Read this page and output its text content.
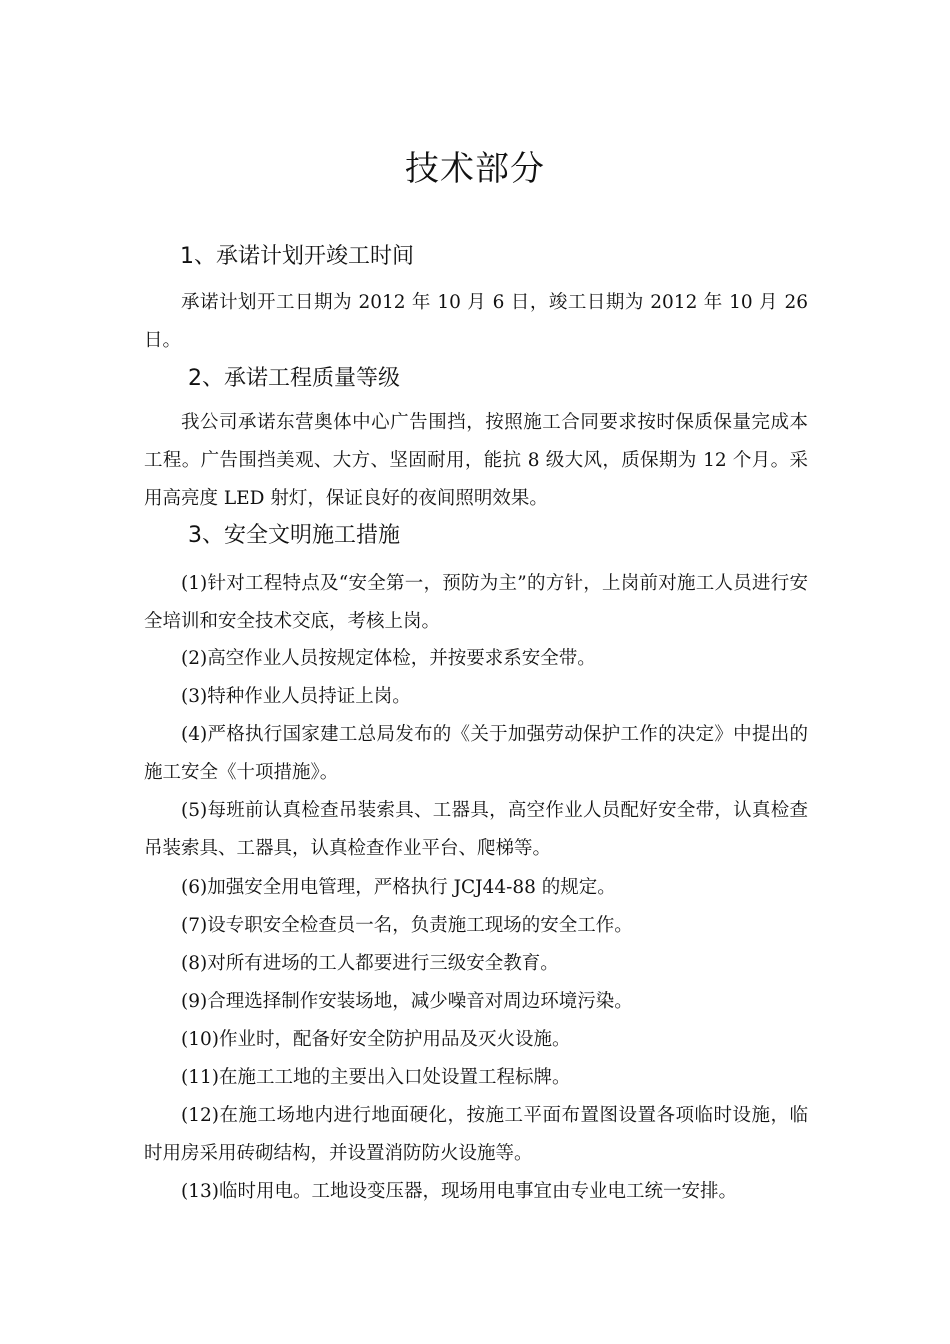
技术部分
1、承诺计划开竣工时间
承诺计划开工日期为 2012 年 10 月 6 日，竣工日期为 2012 年 10 月 26 日。
2、承诺工程质量等级
我公司承诺东营奥体中心广告围挡，按照施工合同要求按时保质保量完成本工程。广告围挡美观、大方、坚固耐用，能抗 8 级大风，质保期为 12 个月。采用高亮度 LED 射灯，保证良好的夜间照明效果。
3、安全文明施工措施
(1)针对工程特点及“安全第一，预防为主”的方针，上岗前对施工人员进行安全培训和安全技术交底，考核上岗。
(2)高空作业人员按规定体检，并按要求系安全带。
(3)特种作业人员持证上岗。
(4)严格执行国家建工总局发布的《关于加强劳动保护工作的决定》中提出的施工安全《十项措施》。
(5)每班前认真检查吊装索具、工器具，高空作业人员配好安全带，认真检查吊装索具、工器具，认真检查作业平台、爬梯等。
(6)加强安全用电管理，严格执行 JCJ44-88 的规定。
(7)设专职安全检查员一名，负责施工现场的安全工作。
(8)对所有进场的工人都要进行三级安全教育。
(9)合理选择制作安装场地，减少噪音对周边环境污染。
(10)作业时，配备好安全防护用品及灭火设施。
(11)在施工工地的主要出入口处设置工程标牌。
(12)在施工场地内进行地面硬化，按施工平面布置图设置各项临时设施，临时用房采用砖砌结构，并设置消防防火设施等。
(13)临时用电。工地设变压器，现场用电事宜由专业电工统一安排。
